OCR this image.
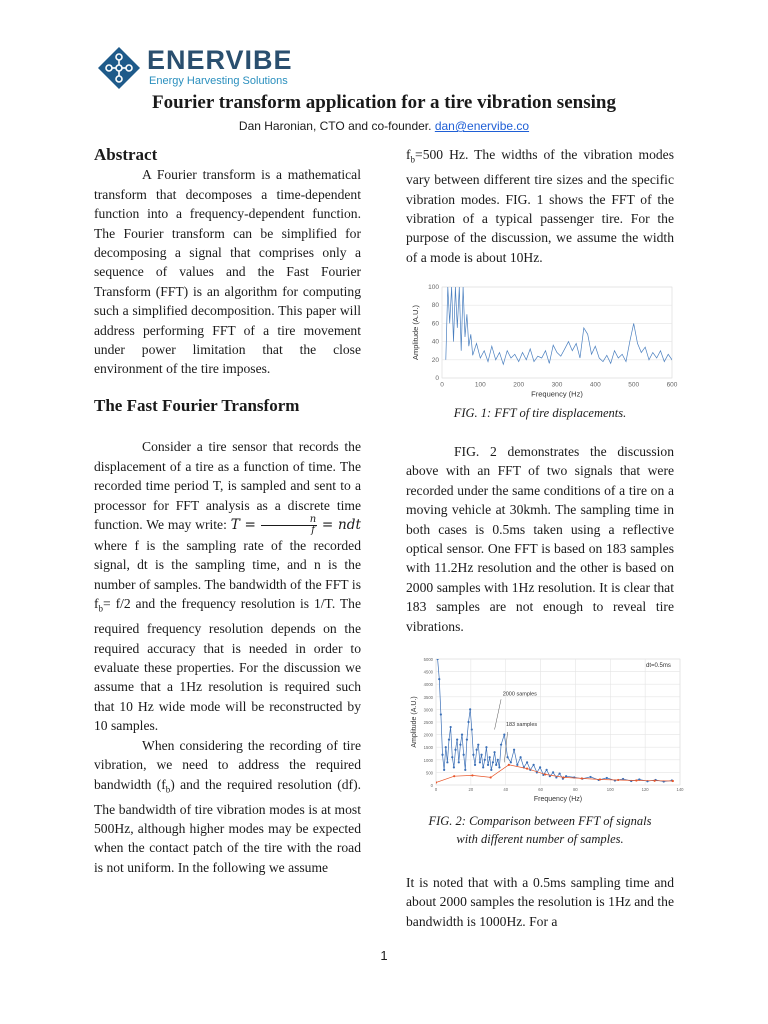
ENERVIBE
Energy Harvesting Solutions
Fourier transform application for a tire vibration sensing
Dan Haronian, CTO and co-founder. dan@enervibe.co
Abstract

A Fourier transform is a mathematical transform that decomposes a time-dependent function into a frequency-dependent function. The Fourier transform can be simplified for decomposing a signal that comprises only a sequence of values and the Fast Fourier Transform (FFT) is an algorithm for computing such a simplified decomposition. This paper will address performing FFT of a tire movement under power limitation that the close environment of the tire imposes.

The Fast Fourier Transform

Consider a tire sensor that records the displacement of a tire as a function of time. The recorded time period T, is sampled and sent to a processor for FFT analysis as a discrete time function. We may write: $T = \frac{n}{f}$ = ndt where f is the sampling rate of the recorded signal, dt is the sampling time, and n is the number of samples. The bandwidth of the FFT is $f_b= f/2$ and the frequency resolution is 1/T. The required frequency resolution depends on the required accuracy that is needed in order to evaluate these properties. For the discussion we assume that a 1Hz resolution is required such that 10 Hz wide mode will be reconstructed by 10 samples.

When considering the recording of tire vibration, we need to address the required bandwidth $(f_b)$ and the required resolution (df). The bandwidth of tire vibration modes is at most 500Hz, although higher modes may be expected when the contact patch of the tire with the road is not uniform. In the following we assume

$f_b=500$ Hz. The widths of the vibration modes vary between different tire sizes and the specific vibration modes. FIG. 1 shows the FFT of the vibration of a typical passenger tire. For the purpose of the discussion, we assume the width of a mode is about 10Hz.

0
20
40
60
80
100
0	100	200	300	400	500	600
Frequency (Hz)
Amplitude (A.U.)
FIG. 1: FFT of tire displacements.

FIG. 2 demonstrates the discussion above with an FFT of two signals that were recorded under the same conditions of a tire on a moving vehicle at 30kmh. The sampling time in both cases is 0.5ms taken using a reflective optical sensor. One FFT is based on 183 samples with 11.2Hz resolution and the other is based on 2000 samples with 1Hz resolution. It is clear that 183 samples are not enough to reveal tire vibrations.

0
500
1000
1500
2000
2500
3000
3500
4000
4500
5000
0	20	40	60	80	100	120	140
Frequency (Hz)
Amplitude (A.U.)
dt=0.5ms
2000 samples
183 samples
FIG. 2: Comparison between FFT of signals
with different number of samples.

It is noted that with a 0.5ms sampling time and about 2000 samples the resolution is 1Hz and the bandwidth is 1000Hz. For a

1
